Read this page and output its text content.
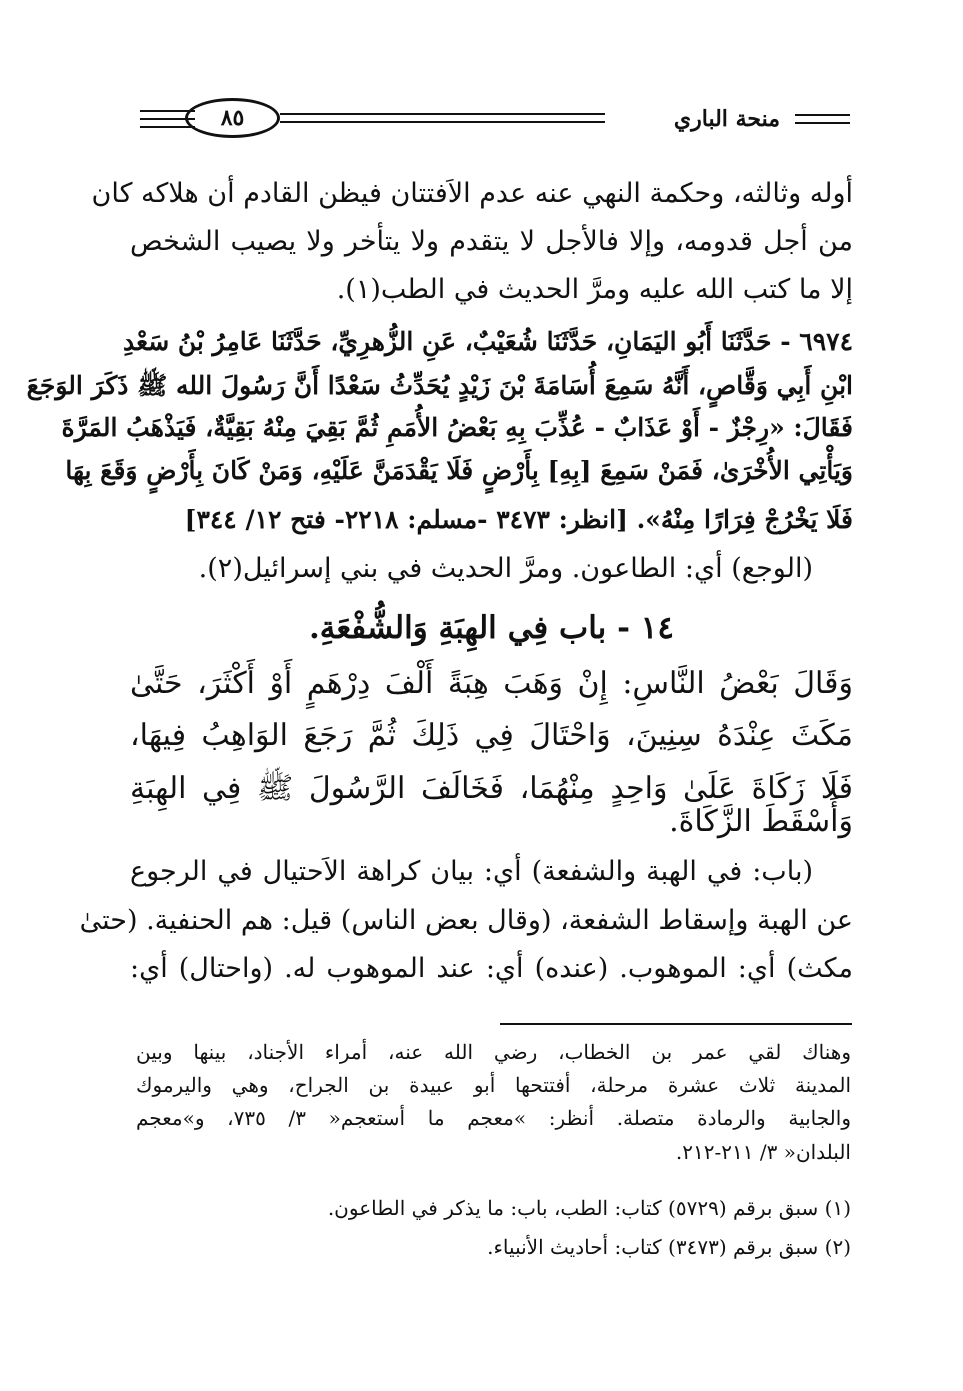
٨٥	منحة الباري
أوله وثالثه، وحكمة النهي عنه عدم الاَفتتان فيظن القادم أن هلاكه كان
من أجل قدومه، وإلا فالأجل لا يتقدم ولا يتأخر ولا يصيب الشخص
إلا ما كتب الله عليه ومرَّ الحديث في الطب(١).
٦٩٧٤ - حَدَّثَنَا أَبُو اليَمَانِ، حَدَّثَنَا شُعَيْبٌ، عَنِ الزُّهرِيِّ، حَدَّثَنَا عَامِرُ بْنُ سَعْدِ
ابْنِ أَبِي وَقَّاصٍ، أَنَّهُ سَمِعَ أُسَامَةَ بْنَ زَيْدٍ يُحَدِّثُ سَعْدًا أَنَّ رَسُولَ الله ﷺ ذَكَرَ الوَجَعَ
فَقَالَ: «رِجْزٌ - أَوْ عَذَابٌ - عُذِّبَ بِهِ بَعْضُ الأُمَمِ ثُمَّ بَقِيَ مِنْهُ بَقِيَّةٌ، فَيَذْهَبُ المَرَّةَ
وَيَأْتِي الأُخْرَىٰ، فَمَنْ سَمِعَ [بِهِ] بِأَرْضٍ فَلَا يَقْدَمَنَّ عَلَيْهِ، وَمَنْ كَانَ بِأَرْضٍ وَقَعَ بِهَا
فَلَا يَخْرُجْ فِرَارًا مِنْهُ». [انظر: ٣٤٧٣ -مسلم: ٢٢١٨- فتح ١٢/ ٣٤٤]
(الوجع) أي: الطاعون. ومرَّ الحديث في بني إسرائيل(٢).
١٤ - باب فِي الهِبَةِ وَالشُّفْعَةِ.
وَقَالَ بَعْضُ النَّاسِ: إِنْ وَهَبَ هِبَةً أَلْفَ دِرْهَمٍ أَوْ أَكْثَرَ، حَتَّىٰ
مَكَثَ عِنْدَهُ سِنِينَ، وَاحْتَالَ فِي ذَلِكَ ثُمَّ رَجَعَ الوَاهِبُ فِيهَا،
فَلَا زَكَاةَ عَلَىٰ وَاحِدٍ مِنْهُمَا، فَخَالَفَ الرَّسُولَ ﷺ فِي الهِبَةِ
وَأَسْقَطَ الزَّكَاةَ.
(باب: في الهبة والشفعة) أي: بيان كراهة الاَحتيال في الرجوع
عن الهبة وإسقاط الشفعة، (وقال بعض الناس) قيل: هم الحنفية. (حتىٰ
مكث) أي: الموهوب. (عنده) أي: عند الموهوب له. (واحتال) أي:
وهناك لقي عمر بن الخطاب، رضي الله عنه، أمراء الأجناد، بينها وبين
المدينة ثلاث عشرة مرحلة، أفتتحها أبو عبيدة بن الجراح، وهي واليرموك
والجابية والرمادة متصلة. أنظر: »معجم ما أستعجم« ٣/ ٧٣٥، و»معجم
البلدان« ٣/ ٢١١-٢١٢.
(١) سبق برقم (٥٧٢٩) كتاب: الطب، باب: ما يذكر في الطاعون.
(٢) سبق برقم (٣٤٧٣) كتاب: أحاديث الأنبياء.
